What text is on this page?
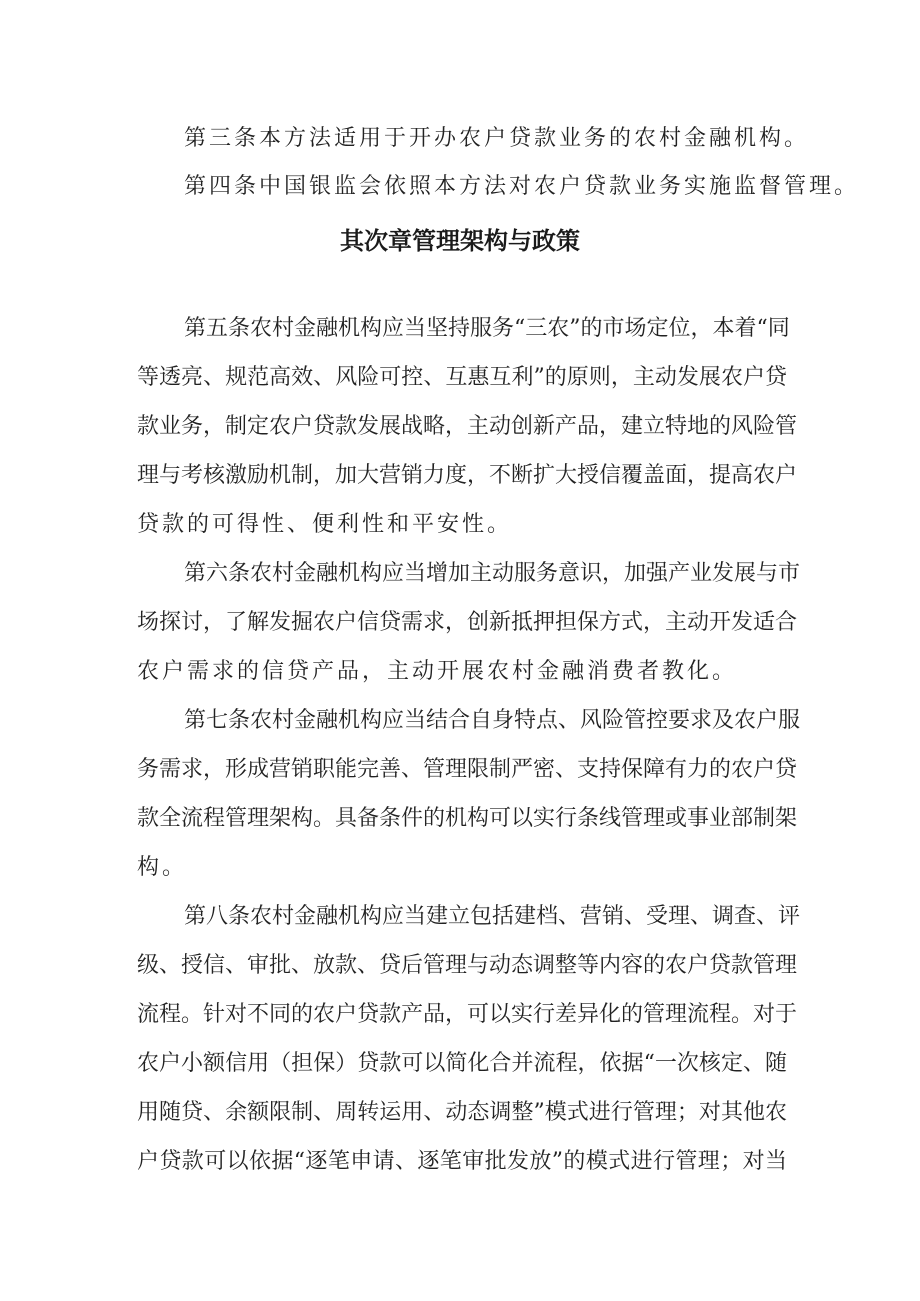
第三条本方法适用于开办农户贷款业务的农村金融机构。
第四条中国银监会依照本方法对农户贷款业务实施监督管理。
其次章管理架构与政策
第五条农村金融机构应当坚持服务“三农”的市场定位，本着“同
等透亮、规范高效、风险可控、互惠互利”的原则，主动发展农户贷
款业务，制定农户贷款发展战略，主动创新产品，建立特地的风险管
理与考核激励机制，加大营销力度，不断扩大授信覆盖面，提高农户
贷款的可得性、便利性和平安性。
第六条农村金融机构应当增加主动服务意识，加强产业发展与市
场探讨，了解发掘农户信贷需求，创新抵押担保方式，主动开发适合
农户需求的信贷产品，主动开展农村金融消费者教化。
第七条农村金融机构应当结合自身特点、风险管控要求及农户服
务需求，形成营销职能完善、管理限制严密、支持保障有力的农户贷
款全流程管理架构。具备条件的机构可以实行条线管理或事业部制架
构。
第八条农村金融机构应当建立包括建档、营销、受理、调查、评
级、授信、审批、放款、贷后管理与动态调整等内容的农户贷款管理
流程。针对不同的农户贷款产品，可以实行差异化的管理流程。对于
农户小额信用（担保）贷款可以简化合并流程，依据“一次核定、随
用随贷、余额限制、周转运用、动态调整”模式进行管理；对其他农
户贷款可以依据“逐笔申请、逐笔审批发放”的模式进行管理；对当
